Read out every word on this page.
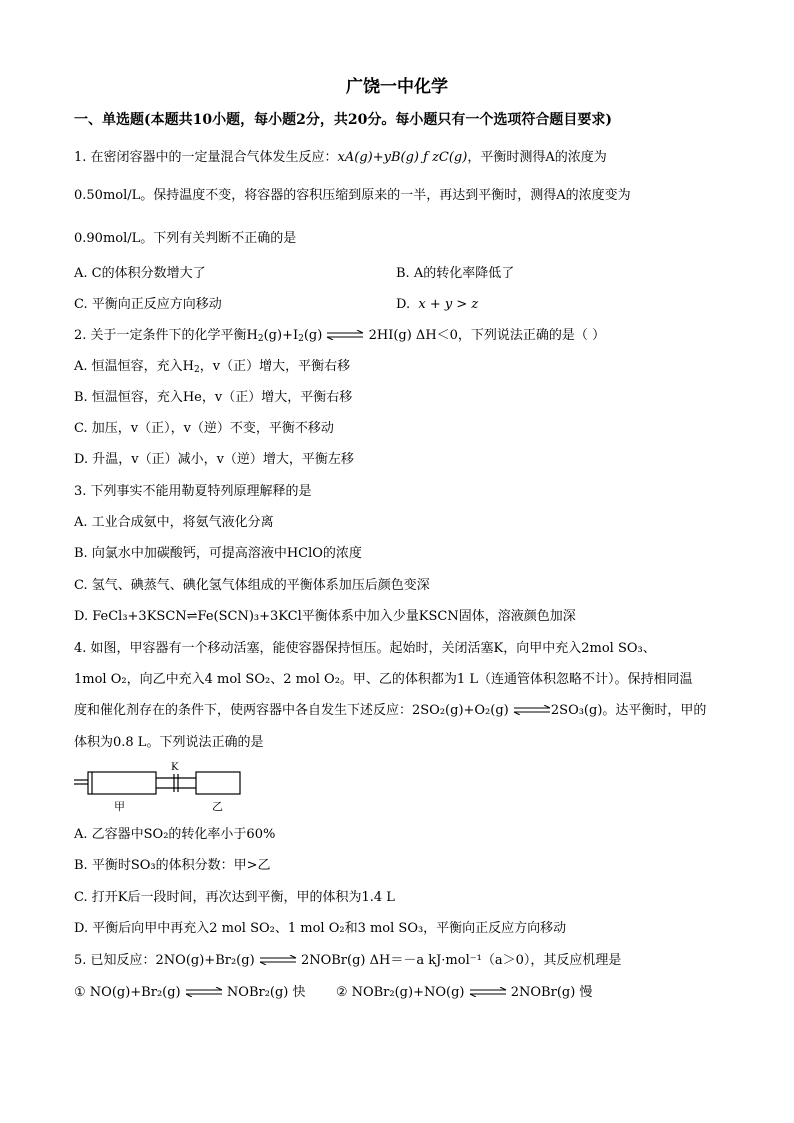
广饶一中化学
一、单选题(本题共10小题，每小题2分，共20分。每小题只有一个选项符合题目要求)
1. 在密闭容器中的一定量混合气体发生反应：xA(g)+yB(g) ƒ zC(g)，平衡时测得A的浓度为
0.50mol/L。保持温度不变，将容器的容积压缩到原来的一半，再达到平衡时，测得A的浓度变为
0.90mol/L。下列有关判断不正确的是
A. C的体积分数增大了	B. A的转化率降低了
C. 平衡向正反应方向移动	D. x + y > z
2. 关于一定条件下的化学平衡$H_2(g)+I_2(g)$ ⇌ 2HI(g) ΔH＜0，下列说法正确的是（ ）
A. 恒温恒容，充入$H_2$，v（正）增大，平衡右移
B. 恒温恒容，充入He，v（正）增大，平衡右移
C. 加压，v（正），v（逆）不变，平衡不移动
D. 升温，v（正）减小，v（逆）增大，平衡左移
3. 下列事实不能用勒夏特列原理解释的是
A. 工业合成氨中，将氨气液化分离
B. 向氯水中加碳酸钙，可提高溶液中HClO的浓度
C. 氢气、碘蒸气、碘化氢气体组成的平衡体系加压后颜色变深
D. FeCl₃+3KSCN⇌Fe(SCN)₃+3KCl平衡体系中加入少量KSCN固体，溶液颜色加深
4. 如图，甲容器有一个移动活塞，能使容器保持恒压。起始时，关闭活塞K，向甲中充入2mol SO₃、
1mol O₂，向乙中充入4 mol SO₂、2 mol O₂。甲、乙的体积都为1 L（连通管体积忽略不计）。保持相同温
度和催化剂存在的条件下，使两容器中各自发生下述反应：2SO₂(g)+O₂(g)	2SO₃(g)。达平衡时，甲的
体积为0.8 L。下列说法正确的是
K
甲	乙
A. 乙容器中SO₂的转化率小于60%
B. 平衡时SO₃的体积分数：甲>乙
C. 打开K后一段时间，再次达到平衡，甲的体积为1.4 L
D. 平衡后向甲中再充入2 mol SO₂、1 mol O₂和3 mol SO₃，平衡向正反应方向移动
5. 已知反应：2NO(g)+Br₂(g) ⇌ 2NOBr(g) ΔH＝－a kJ·mol⁻¹（a＞0），其反应机理是
① NO(g)+Br₂(g) ⇌ NOBr₂(g) 快 ② NOBr₂(g)+NO(g) ⇌ 2NOBr(g) 慢
